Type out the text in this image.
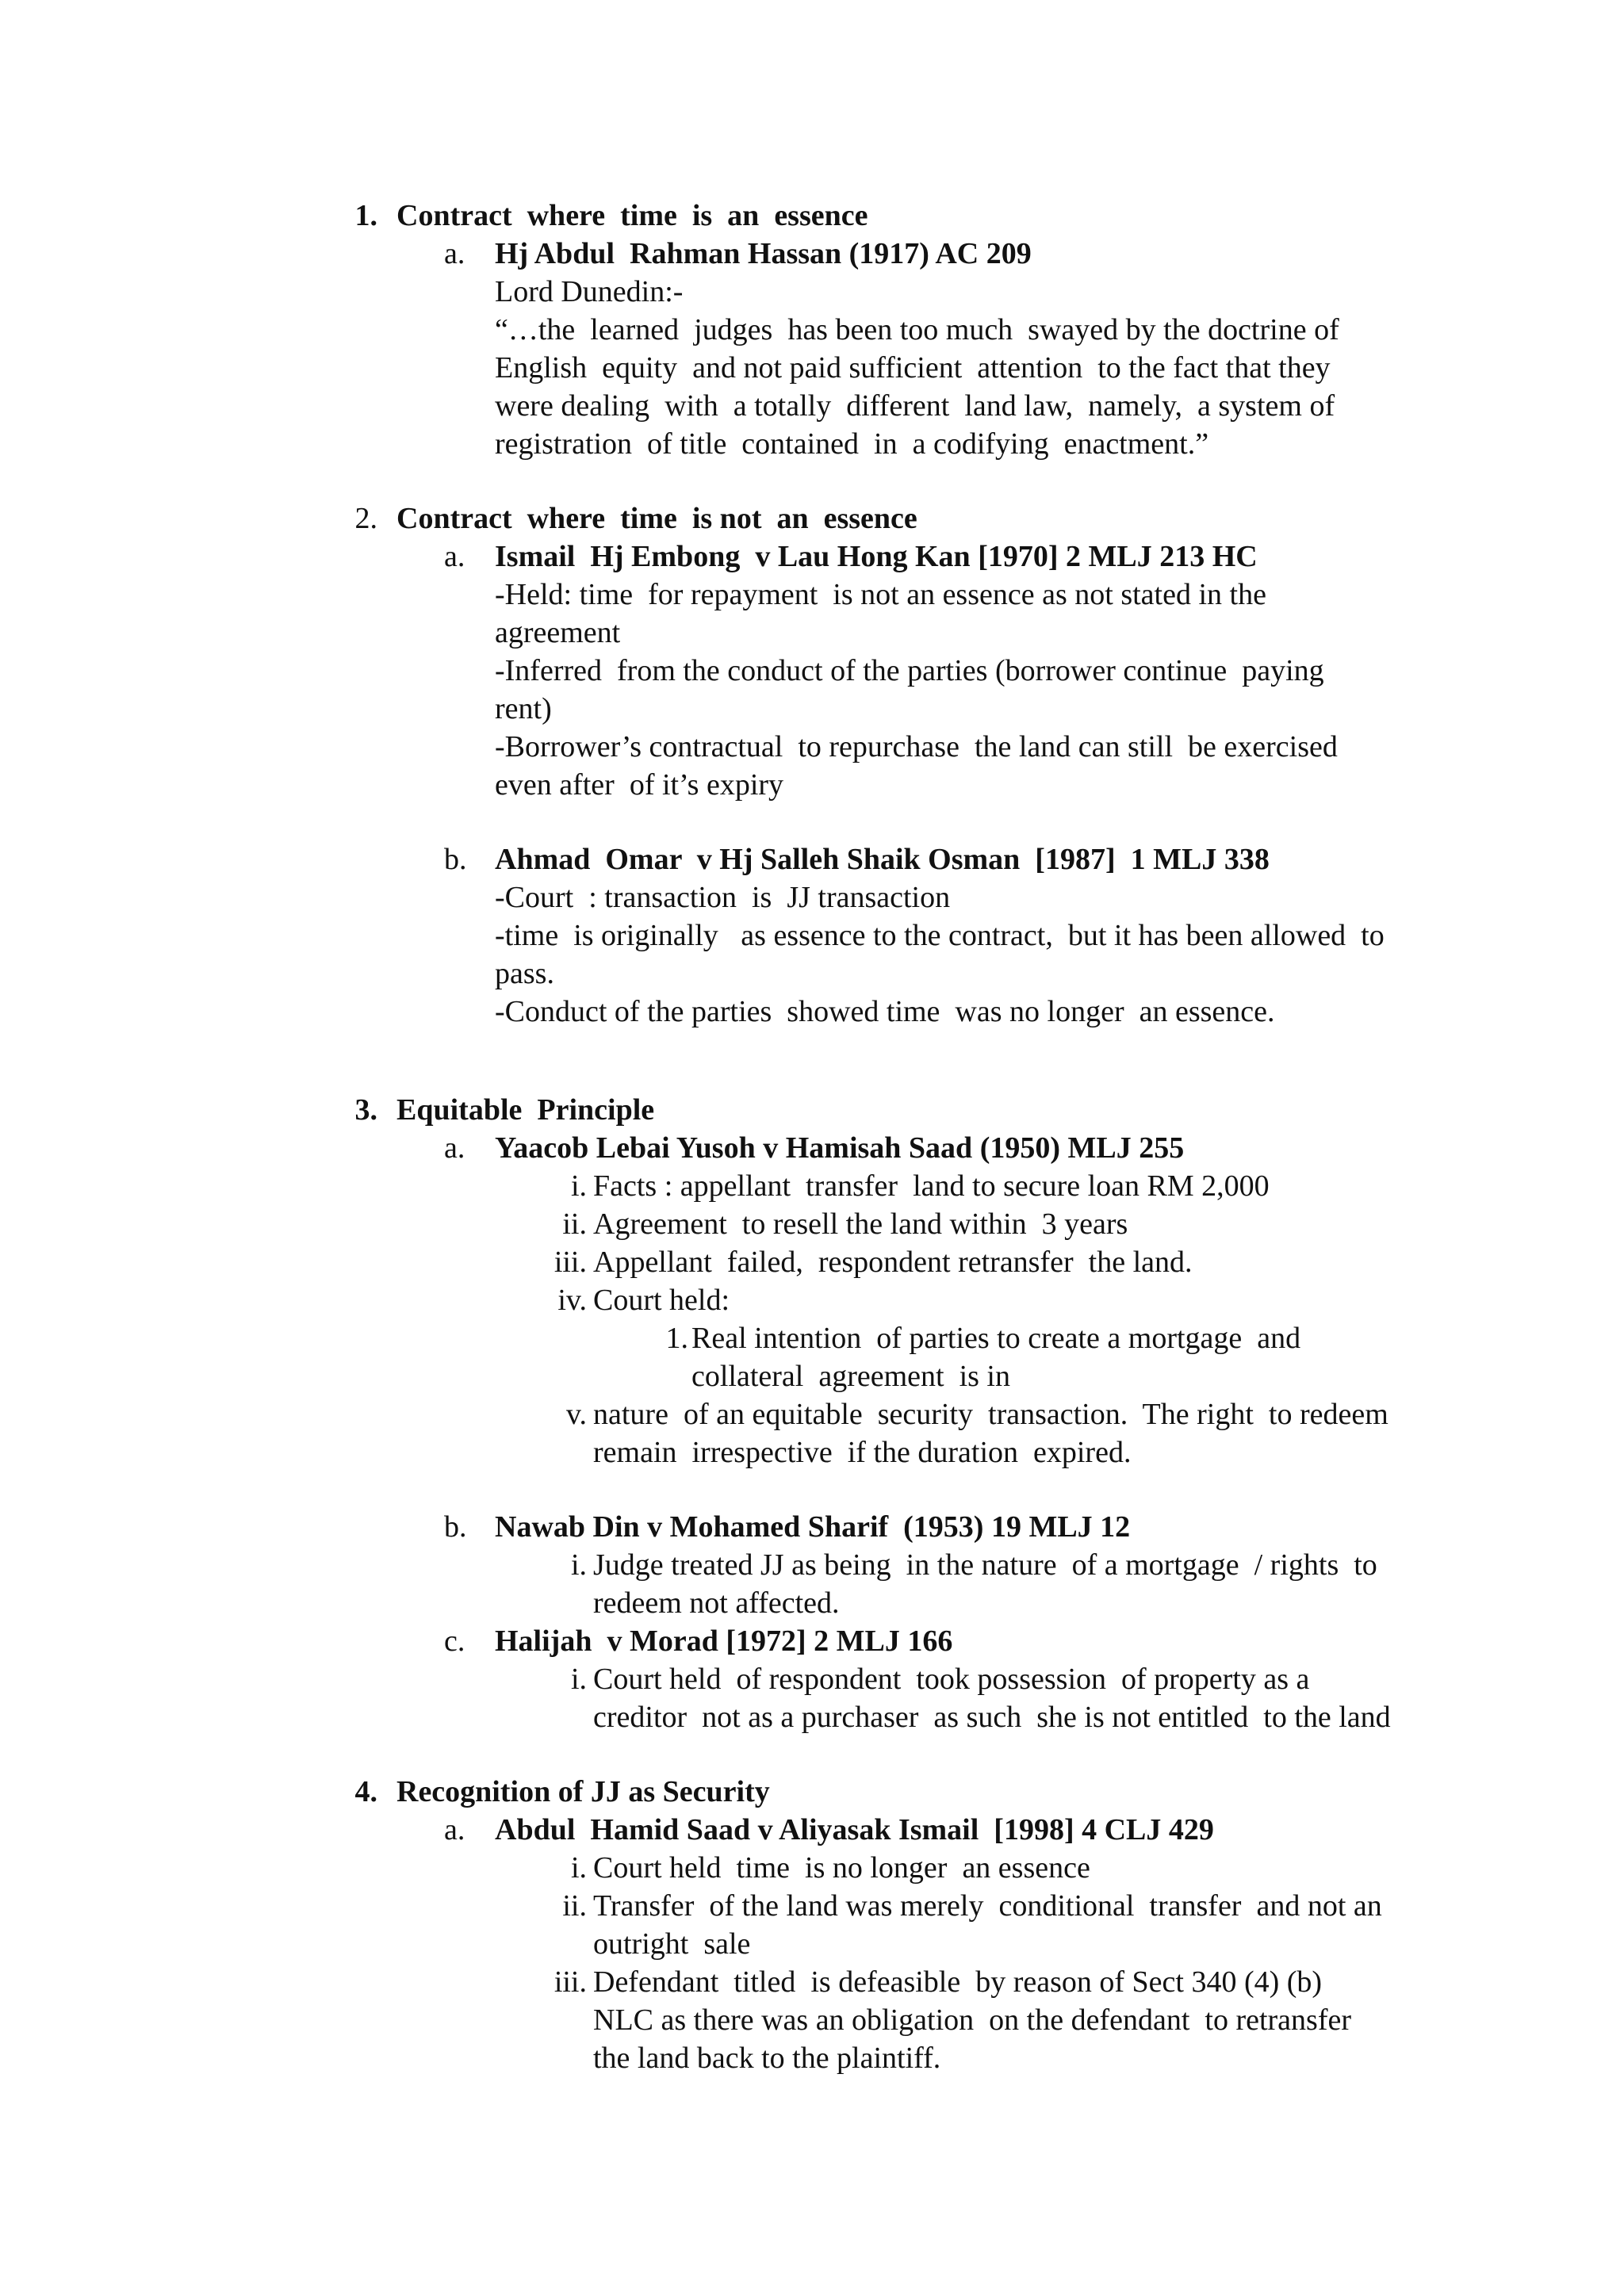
1. Contract  where  time  is  an  essence
a. Hj Abdul  Rahman Hassan (1917) AC 209
Lord Dunedin:-
“…the  learned  judges  has been too much  swayed by the doctrine of
English  equity  and not paid sufficient  attention  to the fact that they
were dealing  with  a totally  different  land law,  namely,  a system of
registration  of title  contained  in  a codifying  enactment.”
2. Contract  where  time  is not  an  essence
a. Ismail  Hj Embong  v Lau Hong Kan [1970] 2 MLJ 213 HC
-Held: time  for repayment  is not an essence as not stated in the
agreement
-Inferred  from the conduct of the parties (borrower continue  paying
rent)
-Borrower’s contractual  to repurchase  the land can still  be exercised
even after  of it’s expiry
b. Ahmad  Omar  v Hj Salleh Shaik Osman  [1987]  1 MLJ 338
-Court  : transaction  is  JJ transaction
-time  is originally   as essence to the contract,  but it has been allowed  to
pass.
-Conduct of the parties  showed time  was no longer  an essence.
3. Equitable  Principle
a. Yaacob Lebai Yusoh v Hamisah Saad (1950) MLJ 255
i. Facts : appellant  transfer  land to secure loan RM 2,000
ii. Agreement  to resell the land within  3 years
iii. Appellant  failed,  respondent retransfer  the land.
iv. Court held:
1. Real intention  of parties to create a mortgage  and
collateral  agreement  is in
v. nature  of an equitable  security  transaction.  The right  to redeem
remain  irrespective  if the duration  expired.
b. Nawab Din v Mohamed Sharif  (1953) 19 MLJ 12
i. Judge treated JJ as being  in the nature  of a mortgage  / rights  to
redeem not affected.
c. Halijah  v Morad [1972] 2 MLJ 166
i. Court held  of respondent  took possession  of property as a
creditor  not as a purchaser  as such  she is not entitled  to the land
4. Recognition of JJ as Security
a. Abdul  Hamid Saad v Aliyasak Ismail  [1998] 4 CLJ 429
i. Court held  time  is no longer  an essence
ii. Transfer  of the land was merely  conditional  transfer  and not an
outright  sale
iii. Defendant  titled  is defeasible  by reason of Sect 340 (4) (b)
NLC as there was an obligation  on the defendant  to retransfer
the land back to the plaintiff.
